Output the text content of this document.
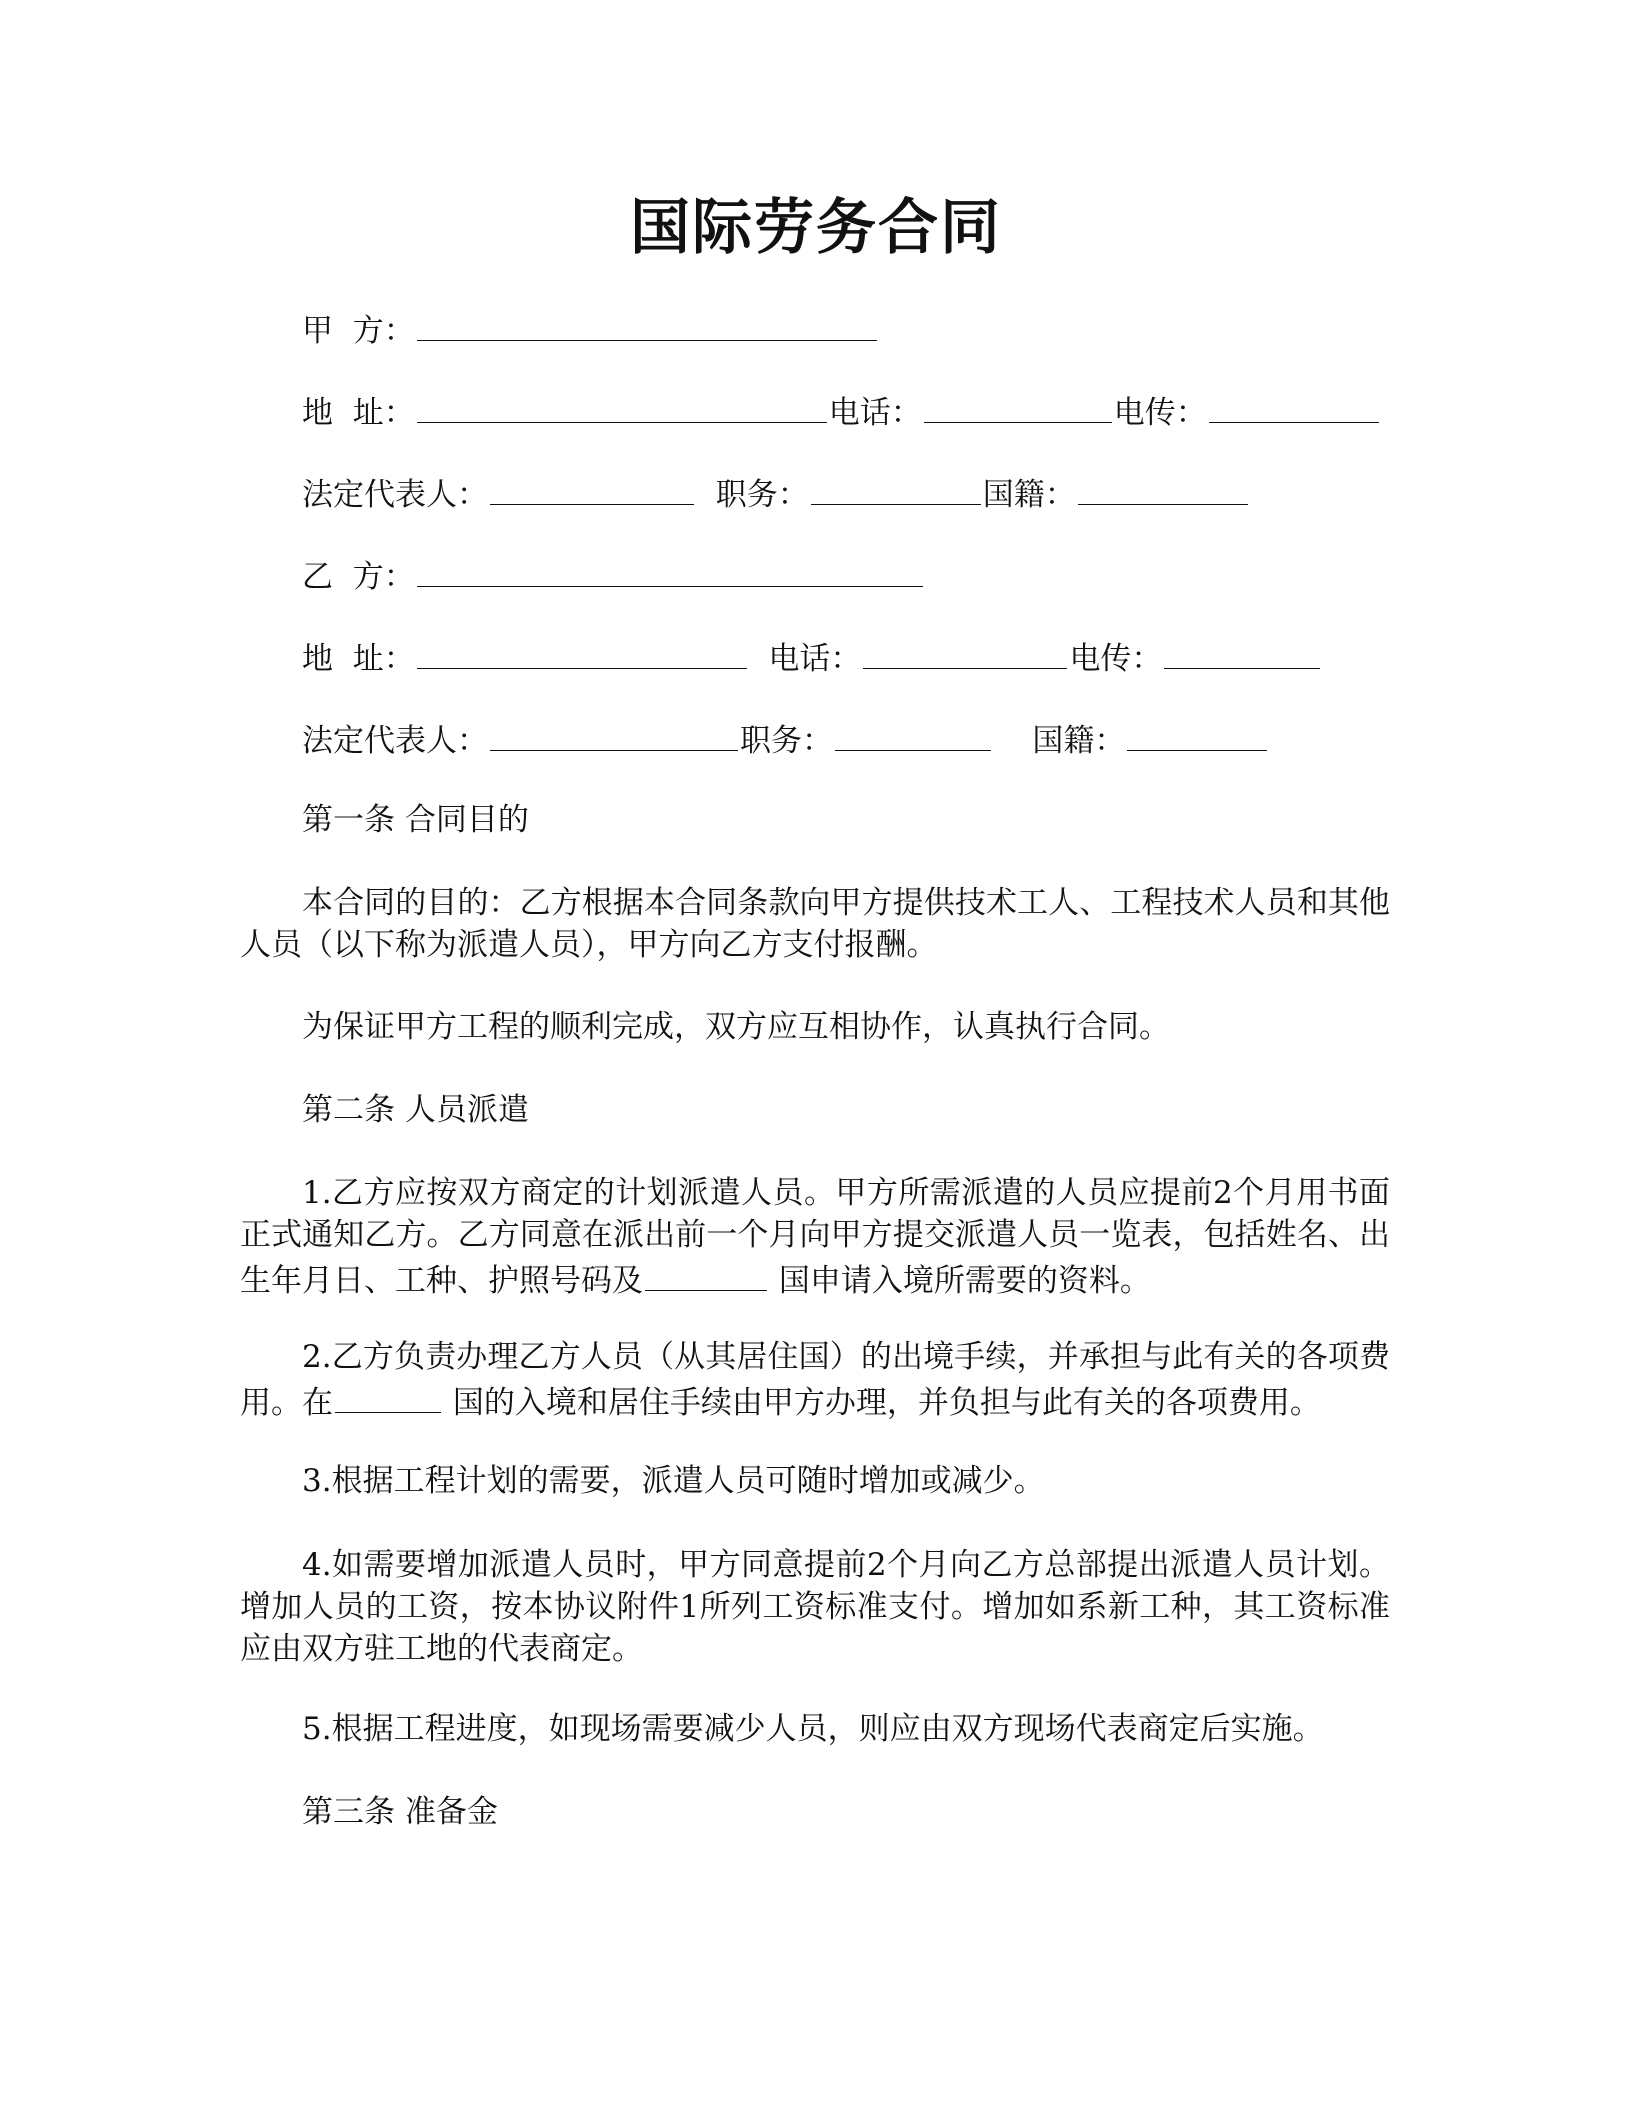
国际劳务合同
甲  方：
地  址：	电话：	电传：
法定代表人：	职务：	国籍：
乙  方：
地  址：	电话：	电传：
法定代表人：	职务：	国籍：
第一条 合同目的
本合同的目的：乙方根据本合同条款向甲方提供技术工人、工程技术人员和其他人员（以下称为派遣人员），甲方向乙方支付报酬。
为保证甲方工程的顺利完成，双方应互相协作，认真执行合同。
第二条 人员派遣
1.乙方应按双方商定的计划派遣人员。甲方所需派遣的人员应提前2个月用书面正式通知乙方。乙方同意在派出前一个月向甲方提交派遣人员一览表，包括姓名、出生年月日、工种、护照号码及	国申请入境所需要的资料。
2.乙方负责办理乙方人员（从其居住国）的出境手续，并承担与此有关的各项费用。在	国的入境和居住手续由甲方办理，并负担与此有关的各项费用。
3.根据工程计划的需要，派遣人员可随时增加或减少。
4.如需要增加派遣人员时，甲方同意提前2个月向乙方总部提出派遣人员计划。增加人员的工资，按本协议附件1所列工资标准支付。增加如系新工种，其工资标准应由双方驻工地的代表商定。
5.根据工程进度，如现场需要减少人员，则应由双方现场代表商定后实施。
第三条 准备金
